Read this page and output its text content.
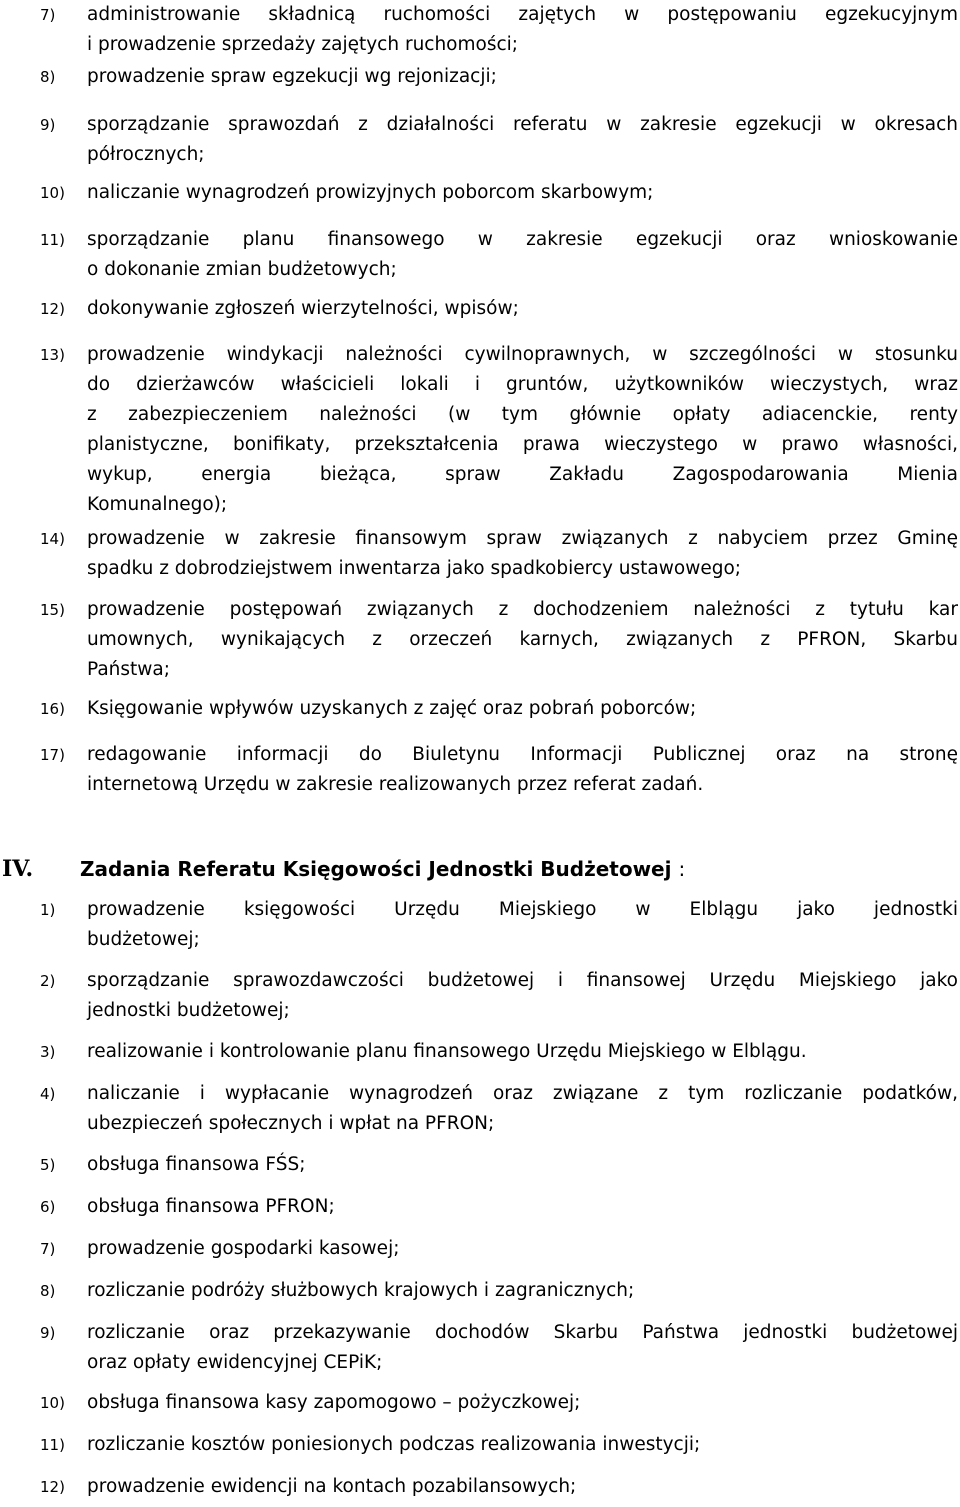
7) administrowanie składnicą ruchomości zajętych w postępowaniu egzekucyjnym
i prowadzenie sprzedaży zajętych ruchomości;
8) prowadzenie spraw egzekucji wg rejonizacji;
9) sporządzanie sprawozdań z działalności referatu w zakresie egzekucji w okresach
półrocznych;
10) naliczanie wynagrodzeń prowizyjnych poborcom skarbowym;
11) sporządzanie planu finansowego w zakresie egzekucji oraz wnioskowanie
o dokonanie zmian budżetowych;
12) dokonywanie zgłoszeń wierzytelności, wpisów;
13) prowadzenie windykacji należności cywilnoprawnych, w szczególności w stosunku
do dzierżawców właścicieli lokali i gruntów, użytkowników wieczystych, wraz
z zabezpieczeniem należności (w tym głównie opłaty adiacenckie, renty
planistyczne, bonifikaty, przekształcenia prawa wieczystego w prawo własności,
wykup, energia bieżąca, spraw Zakładu Zagospodarowania Mienia
Komunalnego);
14) prowadzenie w zakresie finansowym spraw związanych z nabyciem przez Gminę
spadku z dobrodziejstwem inwentarza jako spadkobiercy ustawowego;
15) prowadzenie postępowań związanych z dochodzeniem należności z tytułu kar
umownych, wynikających z orzeczeń karnych, związanych z PFRON, Skarbu
Państwa;
16) Księgowanie wpływów uzyskanych z zajęć oraz pobrań poborców;
17) redagowanie informacji do Biuletynu Informacji Publicznej oraz na stronę
internetową Urzędu w zakresie realizowanych przez referat zadań.
IV. Zadania Referatu Księgowości Jednostki Budżetowej :
1) prowadzenie księgowości Urzędu Miejskiego w Elblągu jako jednostki
budżetowej;
2) sporządzanie sprawozdawczości budżetowej i finansowej Urzędu Miejskiego jako
jednostki budżetowej;
3) realizowanie i kontrolowanie planu finansowego Urzędu Miejskiego w Elblągu.
4) naliczanie i wypłacanie wynagrodzeń oraz związane z tym rozliczanie podatków,
ubezpieczeń społecznych i wpłat na PFRON;
5) obsługa finansowa FŚS;
6) obsługa finansowa PFRON;
7) prowadzenie gospodarki kasowej;
8) rozliczanie podróży służbowych krajowych i zagranicznych;
9) rozliczanie oraz przekazywanie dochodów Skarbu Państwa jednostki budżetowej
oraz opłaty ewidencyjnej CEPiK;
10) obsługa finansowa kasy zapomogowo – pożyczkowej;
11) rozliczanie kosztów poniesionych podczas realizowania inwestycji;
12) prowadzenie ewidencji na kontach pozabilansowych;
